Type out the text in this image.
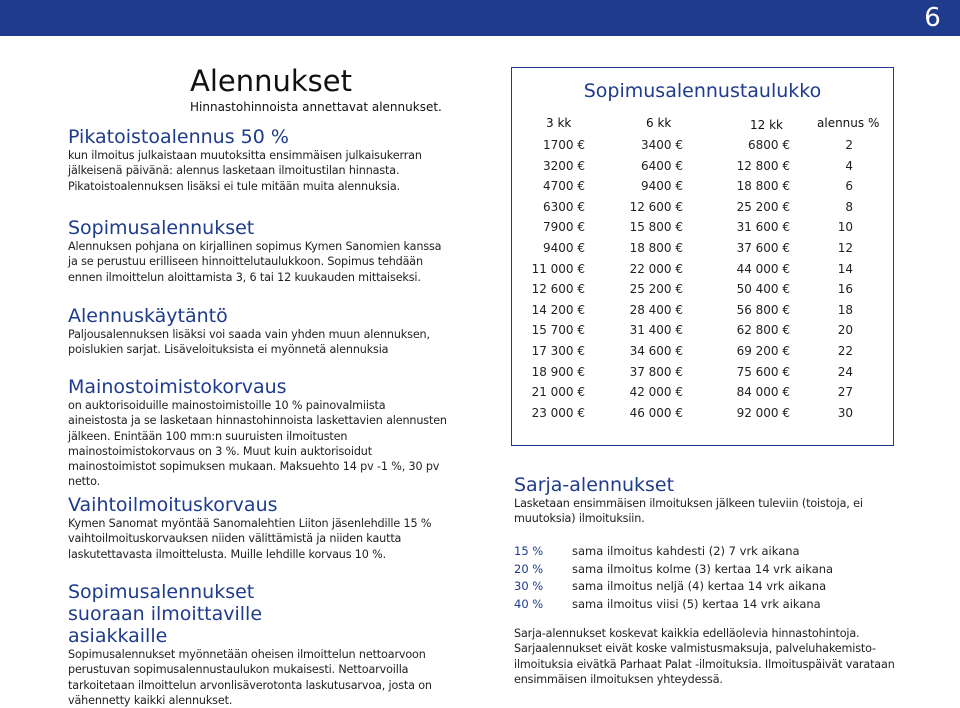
6
Alennukset
Hinnastohinnoista annettavat alennukset.
Pikatoistoalennus 50 %

kun ilmoitus julkaistaan muutoksitta ensimmäisen julkaisukerran jälkeisenä päivänä: alennus lasketaan ilmoitustilan hinnasta. Pikatoistoalennuksen lisäksi ei tule mitään muita alennuksia.

Sopimusalennukset

Alennuksen pohjana on kirjallinen sopimus Kymen Sanomien kanssa ja se perustuu erilliseen hinnoittelutaulukkoon. Sopimus tehdään ennen ilmoittelun aloittamista 3, 6 tai 12 kuukauden mittaiseksi.

Alennuskäytäntö

Paljousalennuksen lisäksi voi saada vain yhden muun alennuksen, poislukien sarjat. Lisäveloituksista ei myönnetä alennuksia

Mainostoimistokorvaus

on auktorisoiduille mainostoimistoille 10 % painovalmiista aineistosta ja se lasketaan hinnastohinnoista laskettavien alennusten jälkeen. Enintään 100 mm:n suuruisten ilmoitusten mainostoimistokorvaus on 3 %. Muut kuin auktorisoidut mainostoimistot sopimuksen mukaan. Maksuehto 14 pv -1 %, 30 pv netto.

Vaihtoilmoituskorvaus

Kymen Sanomat myöntää Sanomalehtien Liiton jäsenlehdille 15 % vaihtoilmoituskorvauksen niiden välittämistä ja niiden kautta laskutettavasta ilmoittelusta. Muille lehdille korvaus 10 %.

Sopimusalennukset suoraan ilmoittaville asiakkaille

Sopimusalennukset myönnetään oheisen ilmoittelun nettoarvoon perustuvan sopimusalennustaulukon mukaisesti. Nettoarvoilla tarkoitetaan ilmoittelun arvonlisäverotonta laskutusarvoa, josta on vähennetty kaikki alennukset.

Sopimusalennustaulukko
3 kk	6 kk	12 kk	alennus %
1700 €	3400 €	6800 €	2
3200 €	6400 €	12 800 €	4
4700 €	9400 €	18 800 €	6
6300 €	12 600 €	25 200 €	8
7900 €	15 800 €	31 600 €	10
9400 €	18 800 €	37 600 €	12
11 000 €	22 000 €	44 000 €	14
12 600 €	25 200 €	50 400 €	16
14 200 €	28 400 €	56 800 €	18
15 700 €	31 400 €	62 800 €	20
17 300 €	34 600 €	69 200 €	22
18 900 €	37 800 €	75 600 €	24
21 000 €	42 000 €	84 000 €	27
23 000 €	46 000 €	92 000 €	30
Sarja-alennukset

Lasketaan ensimmäisen ilmoituksen jälkeen tuleviin (toistoja, ei muutoksia) ilmoituksiin.

15 %	sama ilmoitus kahdesti (2) 7 vrk aikana
20 %	sama ilmoitus kolme (3) kertaa 14 vrk aikana
30 %	sama ilmoitus neljä (4) kertaa 14 vrk aikana
40 %	sama ilmoitus viisi (5) kertaa 14 vrk aikana

Sarja-alennukset koskevat kaikkia edelläolevia hinnastohintoja. Sarjaalennukset eivät koske valmistusmaksuja, palveluhakemisto- ilmoituksia eivätkä Parhaat Palat -ilmoituksia. Ilmoituspäivät varataan ensimmäisen ilmoituksen yhteydessä.
